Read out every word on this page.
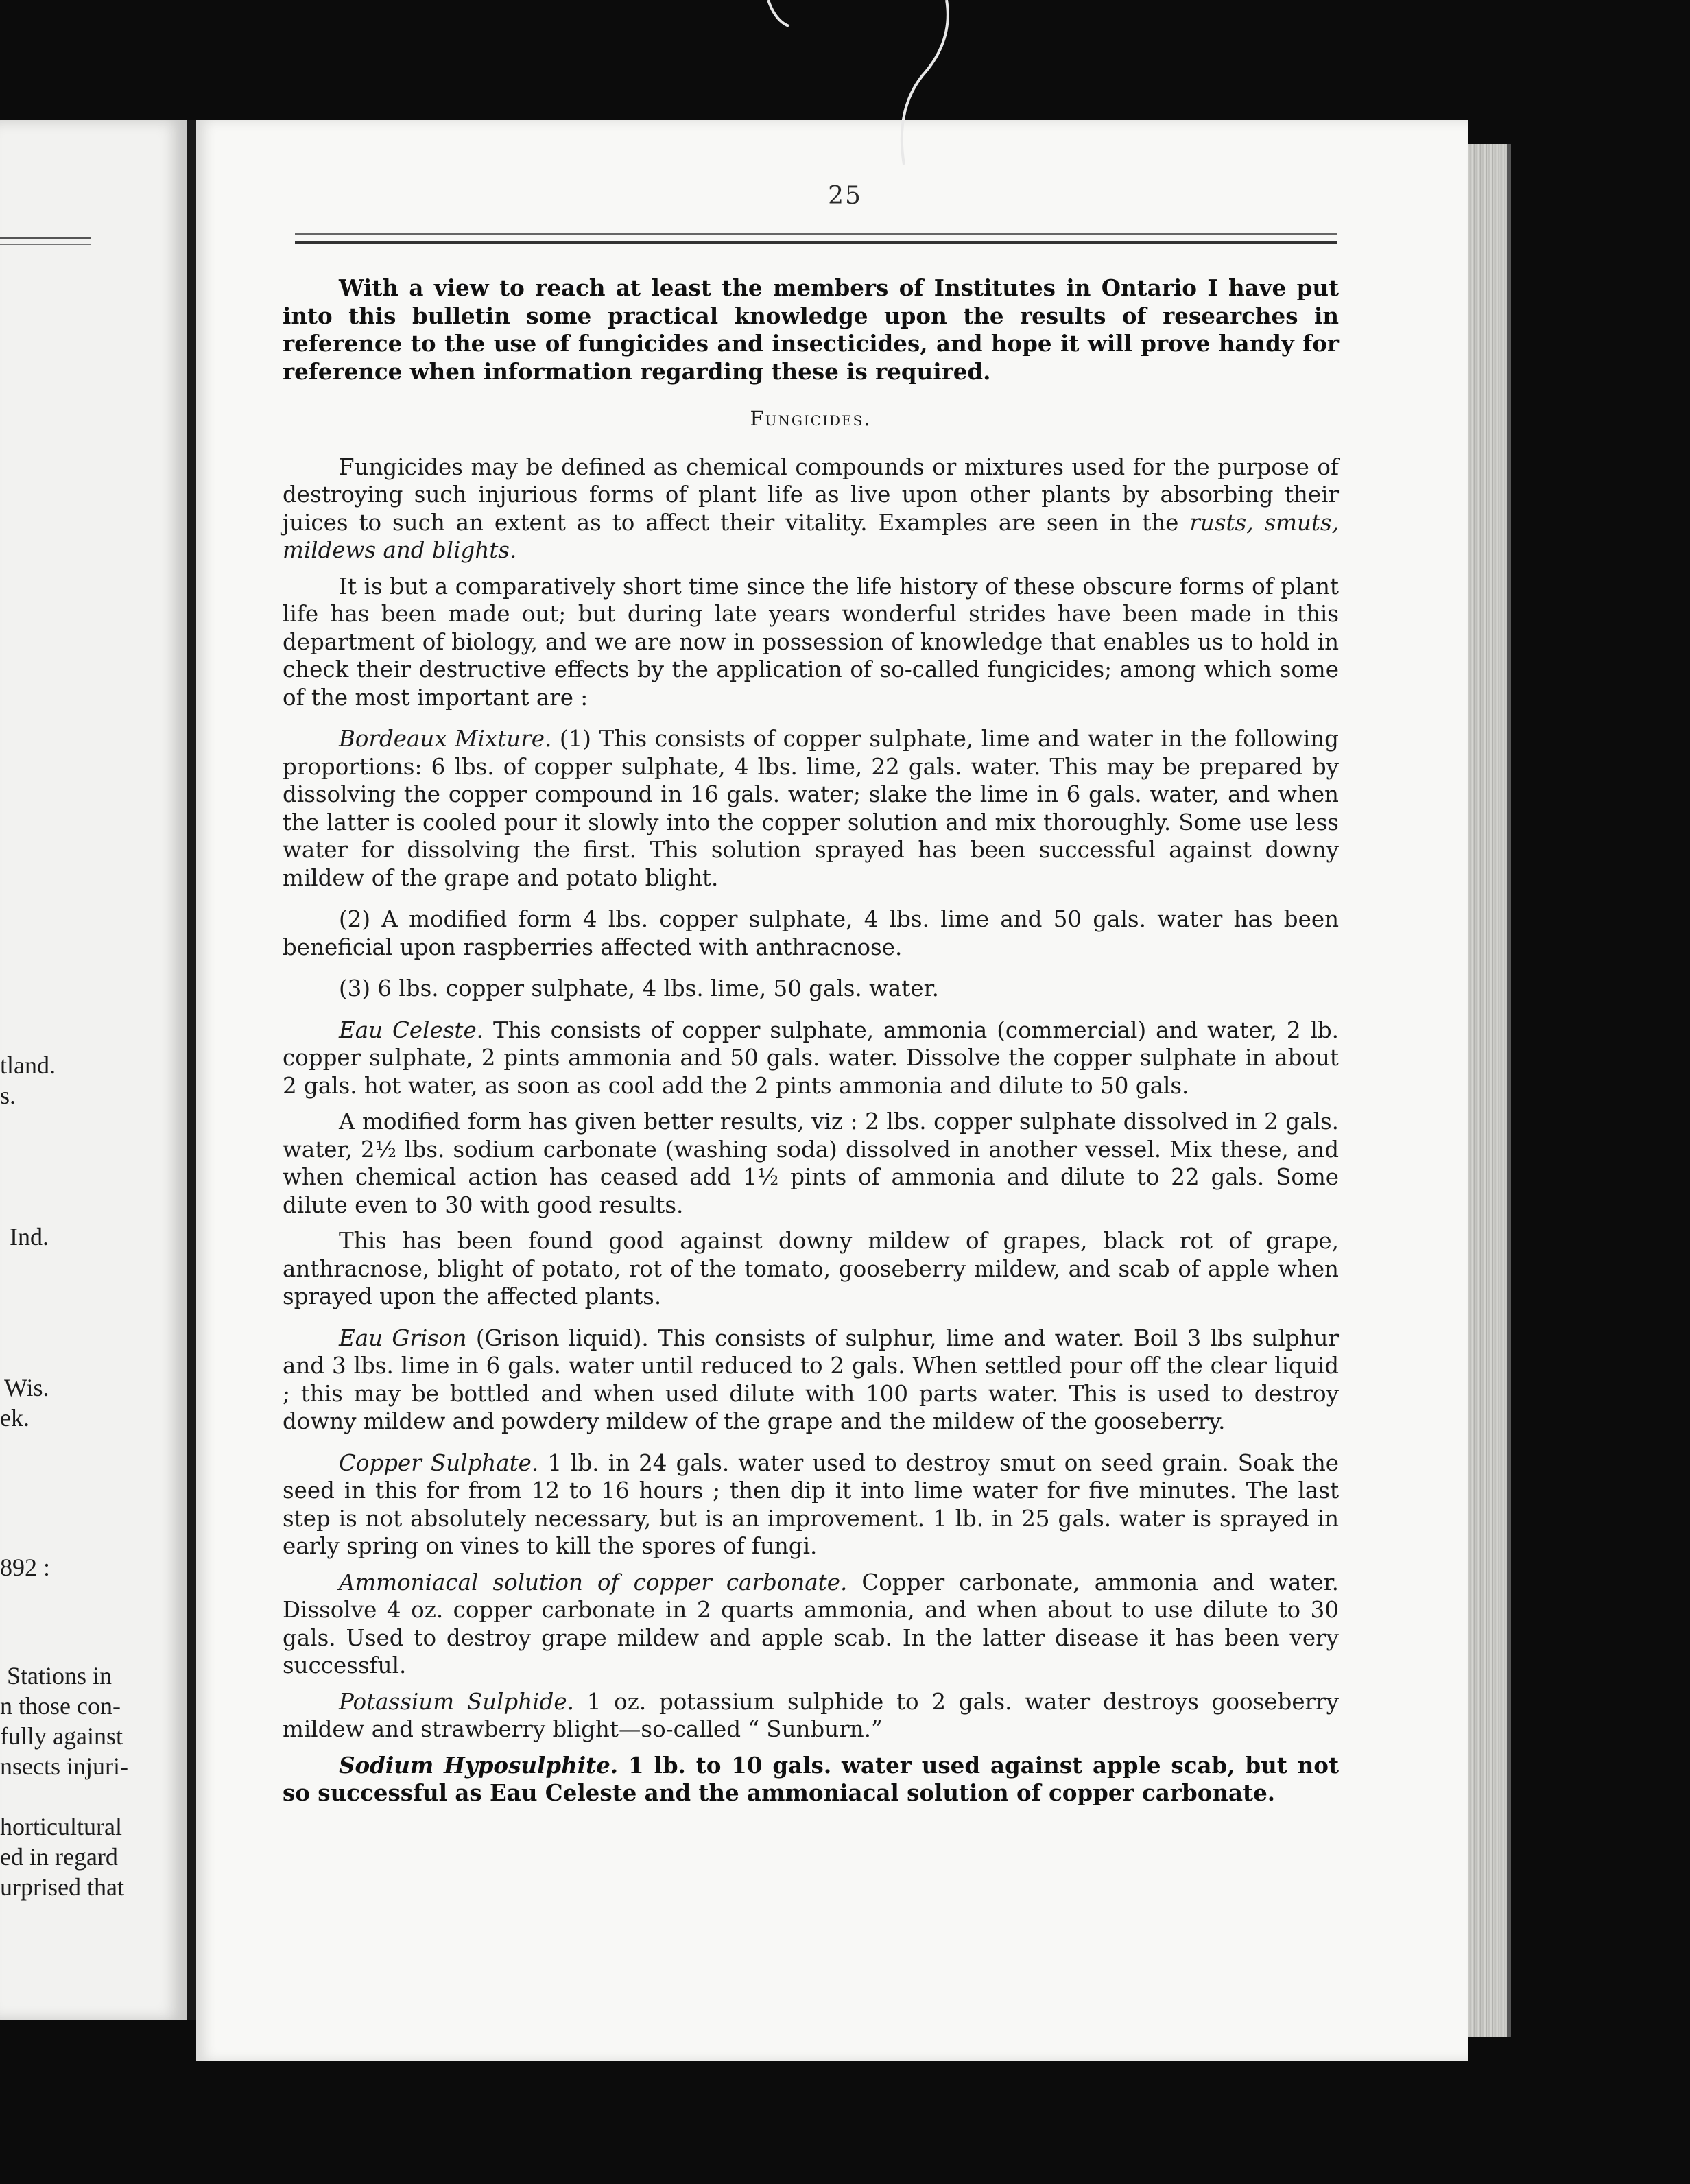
tland.

s.

Ind.

Wis.

ek.

892 :

Stations in

n those con-

fully against

nsects injuri-

horticultural

ed in regard

urprised that

25

With a view to reach at least the members of Institutes in Ontario I have put into this bulletin some practical knowledge upon the results of researches in reference to the use of fungicides and insecticides, and hope it will prove handy for reference when information regarding these is required.

Fungicides.

Fungicides may be defined as chemical compounds or mixtures used for the purpose of destroying such injurious forms of plant life as live upon other plants by absorbing their juices to such an extent as to affect their vitality. Examples are seen in the rusts, smuts, mildews and blights.

It is but a comparatively short time since the life history of these obscure forms of plant life has been made out; but during late years wonderful strides have been made in this department of biology, and we are now in possession of knowledge that enables us to hold in check their destructive effects by the application of so-called fungicides; among which some of the most important are :

Bordeaux Mixture. (1) This consists of copper sulphate, lime and water in the following proportions: 6 lbs. of copper sulphate, 4 lbs. lime, 22 gals. water. This may be prepared by dissolving the copper compound in 16 gals. water; slake the lime in 6 gals. water, and when the latter is cooled pour it slowly into the copper solution and mix thoroughly. Some use less water for dissolving the first. This solution sprayed has been successful against downy mildew of the grape and potato blight.

(2) A modified form 4 lbs. copper sulphate, 4 lbs. lime and 50 gals. water has been beneficial upon raspberries affected with anthracnose.

(3) 6 lbs. copper sulphate, 4 lbs. lime, 50 gals. water.

Eau Celeste. This consists of copper sulphate, ammonia (commercial) and water, 2 lb. copper sulphate, 2 pints ammonia and 50 gals. water. Dissolve the copper sulphate in about 2 gals. hot water, as soon as cool add the 2 pints ammonia and dilute to 50 gals.

A modified form has given better results, viz : 2 lbs. copper sulphate dissolved in 2 gals. water, 2½ lbs. sodium carbonate (washing soda) dissolved in another vessel. Mix these, and when chemical action has ceased add 1½ pints of ammonia and dilute to 22 gals. Some dilute even to 30 with good results.

This has been found good against downy mildew of grapes, black rot of grape, anthracnose, blight of potato, rot of the tomato, gooseberry mildew, and scab of apple when sprayed upon the affected plants.

Eau Grison (Grison liquid). This consists of sulphur, lime and water. Boil 3 lbs sulphur and 3 lbs. lime in 6 gals. water until reduced to 2 gals. When settled pour off the clear liquid ; this may be bottled and when used dilute with 100 parts water. This is used to destroy downy mildew and powdery mildew of the grape and the mildew of the gooseberry.

Copper Sulphate. 1 lb. in 24 gals. water used to destroy smut on seed grain. Soak the seed in this for from 12 to 16 hours ; then dip it into lime water for five minutes. The last step is not absolutely necessary, but is an improvement. 1 lb. in 25 gals. water is sprayed in early spring on vines to kill the spores of fungi.

Ammoniacal solution of copper carbonate. Copper carbonate, ammonia and water. Dissolve 4 oz. copper carbonate in 2 quarts ammonia, and when about to use dilute to 30 gals. Used to destroy grape mildew and apple scab. In the latter disease it has been very successful.

Potassium Sulphide. 1 oz. potassium sulphide to 2 gals. water destroys gooseberry mildew and strawberry blight—so-called “ Sunburn.”

Sodium Hyposulphite. 1 lb. to 10 gals. water used against apple scab, but not so successful as Eau Celeste and the ammoniacal solution of copper carbonate.
